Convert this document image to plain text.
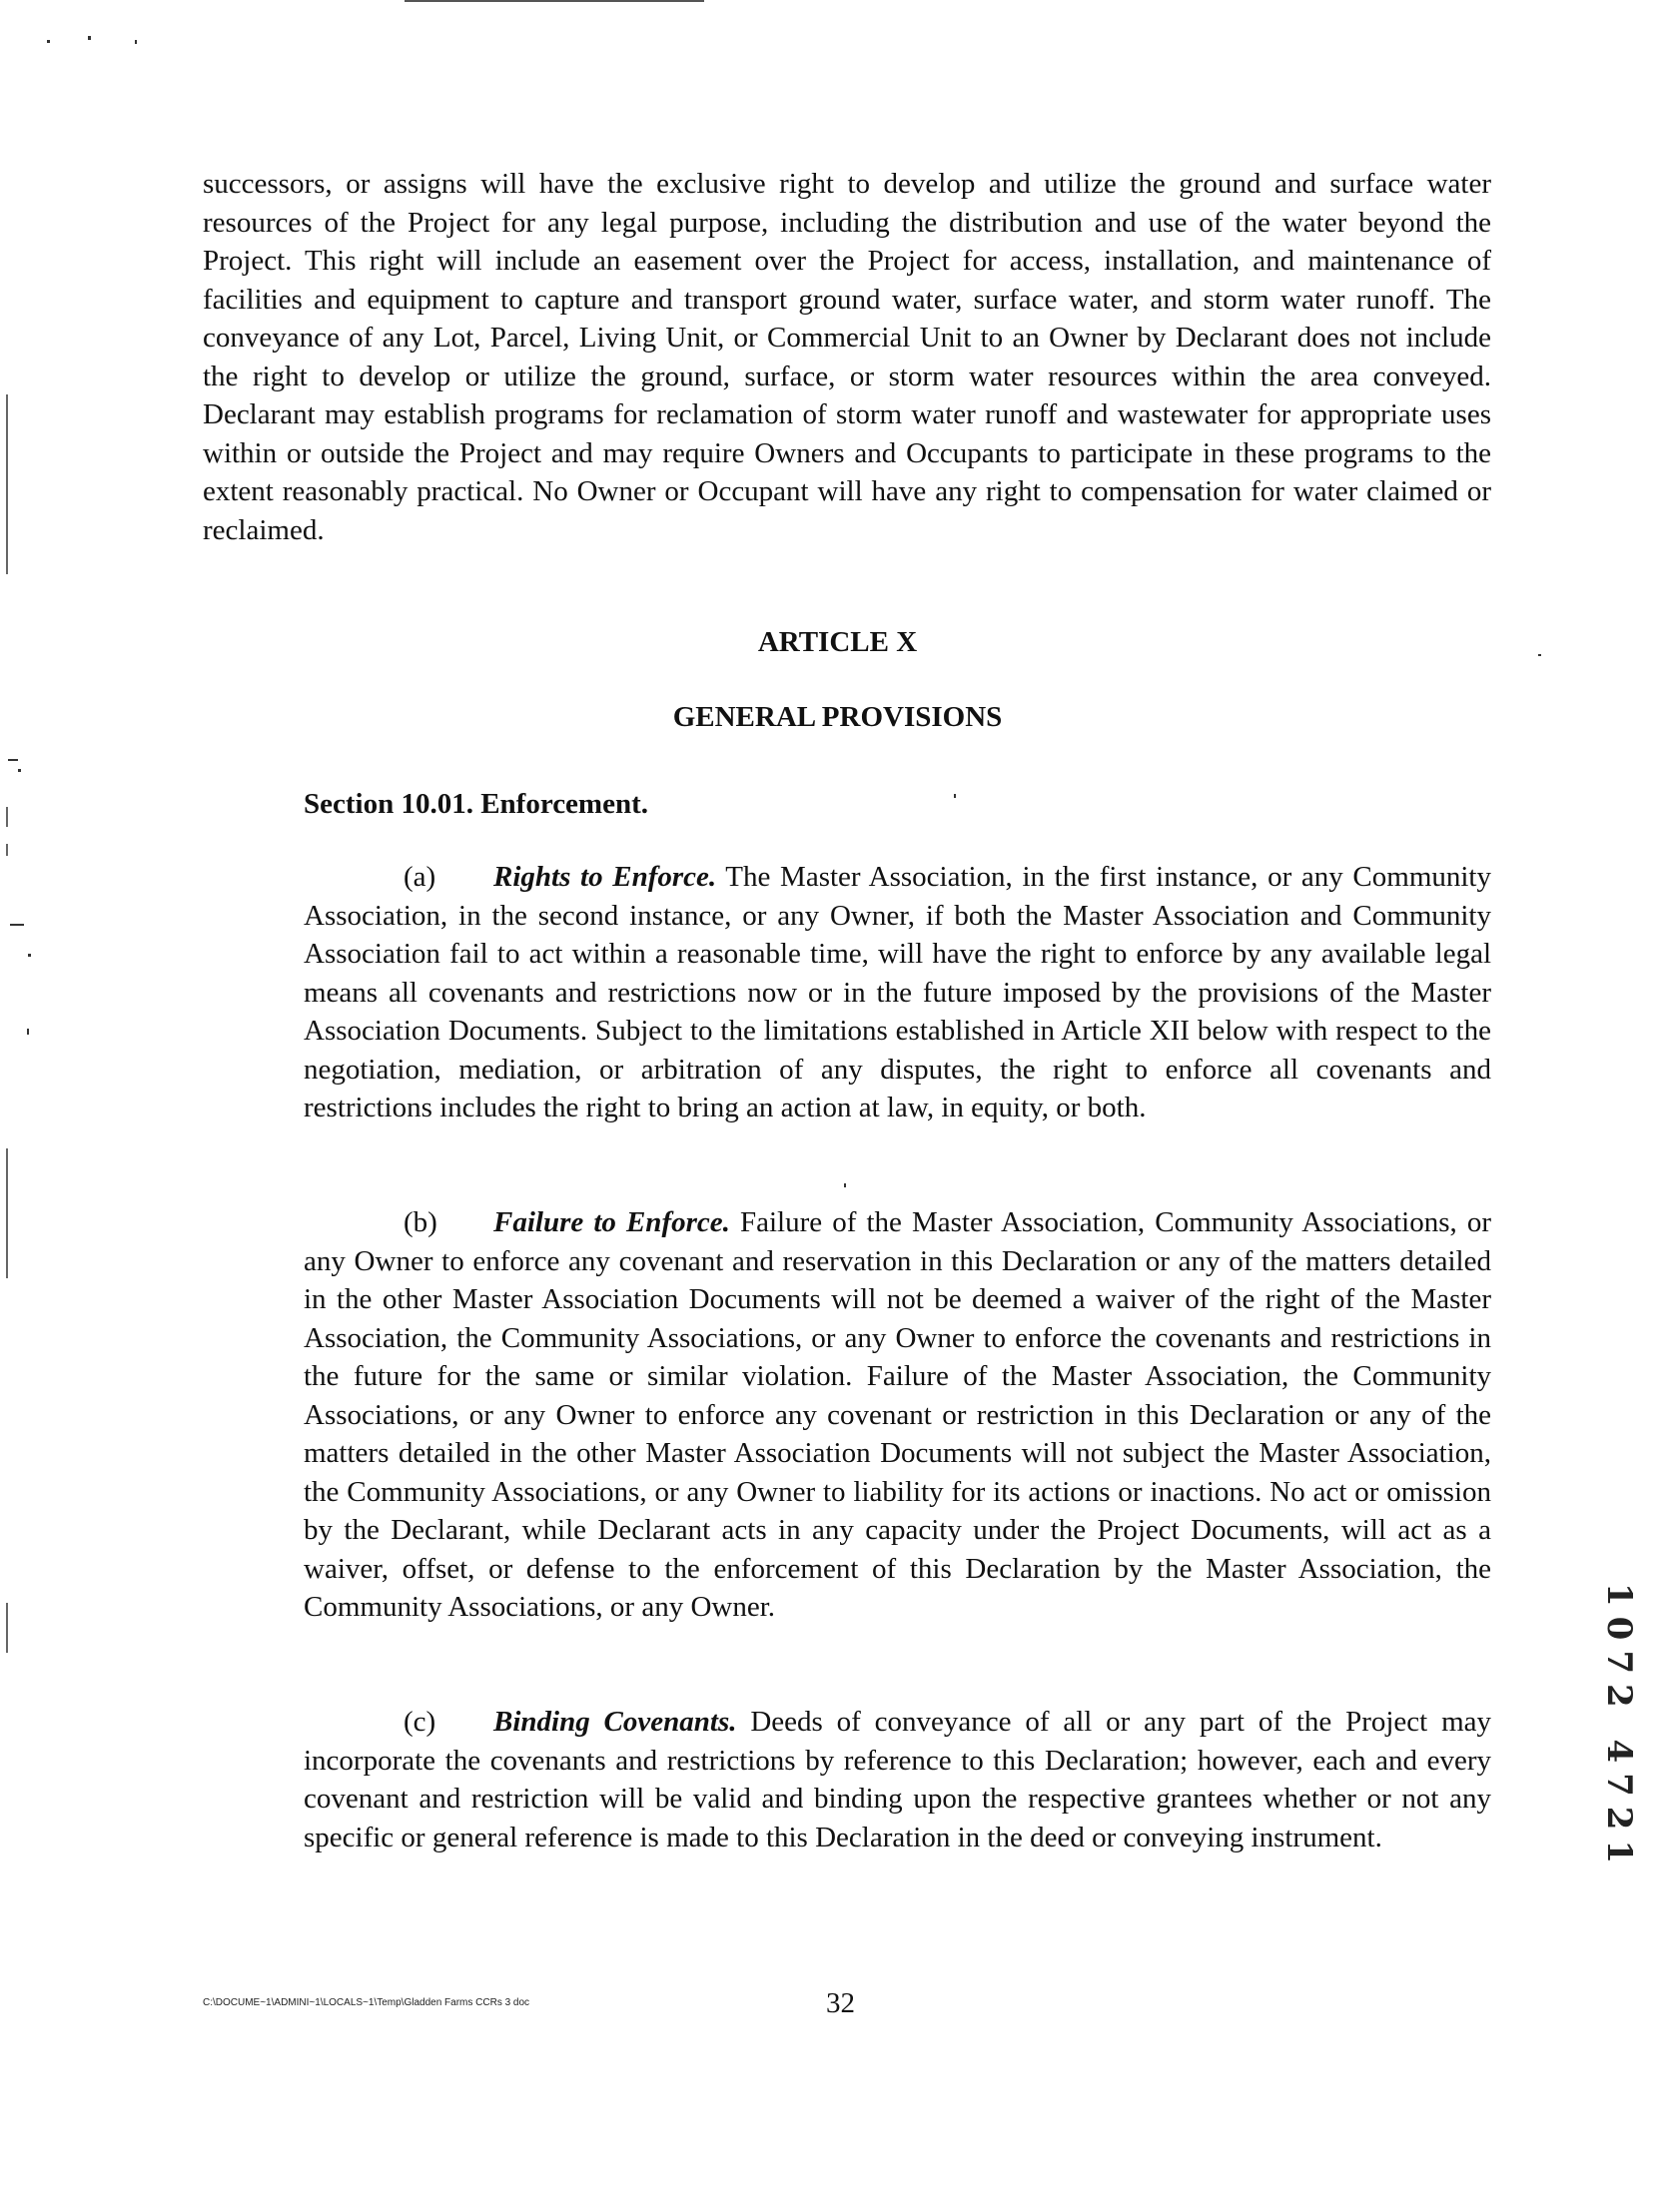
successors, or assigns will have the exclusive right to develop and utilize the ground and surface water resources of the Project for any legal purpose, including the distribution and use of the water beyond the Project. This right will include an easement over the Project for access, installation, and maintenance of facilities and equipment to capture and transport ground water, surface water, and storm water runoff. The conveyance of any Lot, Parcel, Living Unit, or Commercial Unit to an Owner by Declarant does not include the right to develop or utilize the ground, surface, or storm water resources within the area conveyed. Declarant may establish programs for reclamation of storm water runoff and wastewater for appropriate uses within or outside the Project and may require Owners and Occupants to participate in these programs to the extent reasonably practical. No Owner or Occupant will have any right to compensation for water claimed or reclaimed.

ARTICLE X

GENERAL PROVISIONS

Section 10.01. Enforcement.

(a) Rights to Enforce. The Master Association, in the first instance, or any Community Association, in the second instance, or any Owner, if both the Master Association and Community Association fail to act within a reasonable time, will have the right to enforce by any available legal means all covenants and restrictions now or in the future imposed by the provisions of the Master Association Documents. Subject to the limitations established in Article XII below with respect to the negotiation, mediation, or arbitration of any disputes, the right to enforce all covenants and restrictions includes the right to bring an action at law, in equity, or both.

(b) Failure to Enforce. Failure of the Master Association, Community Associations, or any Owner to enforce any covenant and reservation in this Declaration or any of the matters detailed in the other Master Association Documents will not be deemed a waiver of the right of the Master Association, the Community Associations, or any Owner to enforce the covenants and restrictions in the future for the same or similar violation. Failure of the Master Association, the Community Associations, or any Owner to enforce any covenant or restriction in this Declaration or any of the matters detailed in the other Master Association Documents will not subject the Master Association, the Community Associations, or any Owner to liability for its actions or inactions. No act or omission by the Declarant, while Declarant acts in any capacity under the Project Documents, will act as a waiver, offset, or defense to the enforcement of this Declaration by the Master Association, the Community Associations, or any Owner.

(c) Binding Covenants. Deeds of conveyance of all or any part of the Project may incorporate the covenants and restrictions by reference to this Declaration; however, each and every covenant and restriction will be valid and binding upon the respective grantees whether or not any specific or general reference is made to this Declaration in the deed or conveying instrument.	1072 4721

C:\DOCUME~1\ADMINI~1\LOCALS~1\Temp\Gladden Farms CCRs 3 doc	32
